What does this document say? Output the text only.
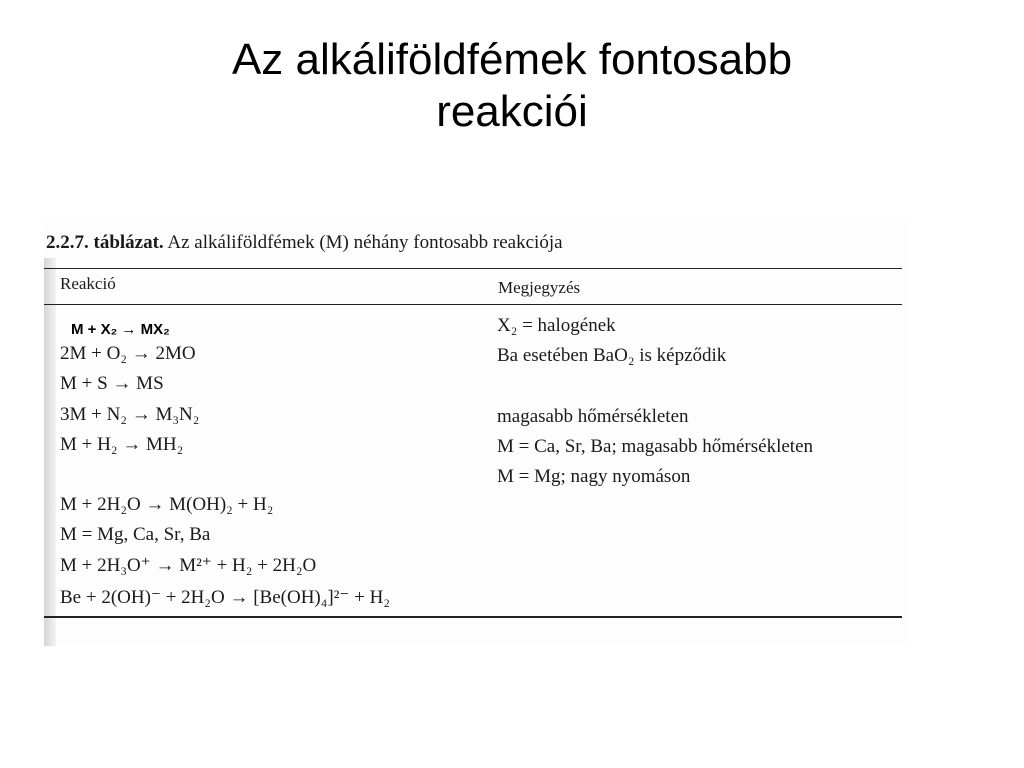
Az alkáliföldfémek fontosabb
reakciói
2.2.7. táblázat. Az alkáliföldfémek (M) néhány fontosabb reakciója
Reakció	Megjegyzés
M + X₂ → MX₂
2M + O₂ → 2MO
M + S → MS
3M + N₂ → M₃N₂
M + H₂ → MH₂
M + 2H₂O → M(OH)₂ + H₂
M = Mg, Ca, Sr, Ba
M + 2H₃O⁺ → M²⁺ + H₂ + 2H₂O
Be + 2(OH)⁻ + 2H₂O → [Be(OH)₄]²⁻ + H₂
X₂ = halogének
Ba esetében BaO₂ is képződik
magasabb hőmérsékleten
M = Ca, Sr, Ba; magasabb hőmérsékleten
M = Mg; nagy nyomáson
